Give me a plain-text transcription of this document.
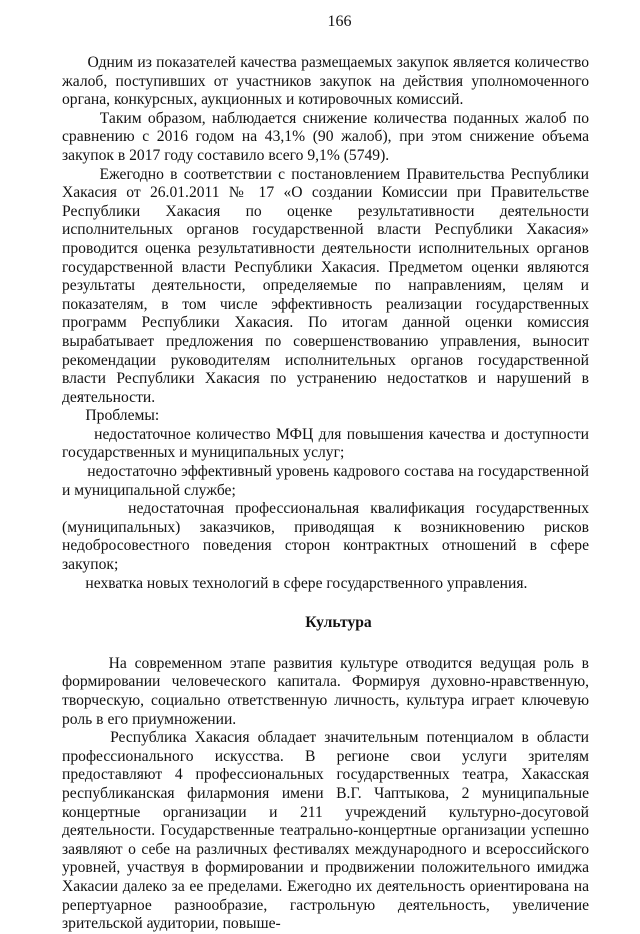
166

Одним из показателей качества размещаемых закупок является количество жалоб, поступивших от участников закупок на действия уполномоченного органа, конкурсных, аукционных и котировочных комиссий.

Таким образом, наблюдается снижение количества поданных жалоб по сравнению с 2016 годом на 43,1% (90 жалоб), при этом снижение объема закупок в 2017 году составило всего 9,1% (5749).

Ежегодно в соответствии с постановлением Правительства Республики Хакасия от 26.01.2011 № 17 «О создании Комиссии при Правительстве Республики Хакасия по оценке результативности деятельности исполнительных органов государственной власти Республики Хакасия» проводится оценка результативности деятельности исполнительных органов государственной власти Республики Хакасия. Предметом оценки являются результаты деятельности, определяемые по направлениям, целям и показателям, в том числе эффективность реализации государственных программ Республики Хакасия. По итогам данной оценки комиссия вырабатывает предложения по совершенствованию управления, выносит рекомендации руководителям исполнительных органов государственной власти Республики Хакасия по устранению недостатков и нарушений в деятельности.

Проблемы:

недостаточное количество МФЦ для повышения качества и доступности государственных и муниципальных услуг;

недостаточно эффективный уровень кадрового состава на государственной и муниципальной службе;

недостаточная профессиональная квалификация государственных (муниципальных) заказчиков, приводящая к возникновению рисков недобросовестного поведения сторон контрактных отношений в сфере закупок;

нехватка новых технологий в сфере государственного управления.

Культура

На современном этапе развития культуре отводится ведущая роль в формировании человеческого капитала. Формируя духовно-нравственную, творческую, социально ответственную личность, культура играет ключевую роль в его приумножении.

Республика Хакасия обладает значительным потенциалом в области профессионального искусства. В регионе свои услуги зрителям предоставляют 4 профессиональных государственных театра, Хакасская республиканская филармония имени В.Г. Чаптыкова, 2 муниципальные концертные организации и 211 учреждений культурно-досуговой деятельности. Государственные театрально-концертные организации успешно заявляют о себе на различных фестивалях международного и всероссийского уровней, участвуя в формировании и продвижении положительного имиджа Хакасии далеко за ее пределами. Ежегодно их деятельность ориентирована на репертуарное разнообразие, гастрольную деятельность, увеличение зрительской аудитории, повыше-
